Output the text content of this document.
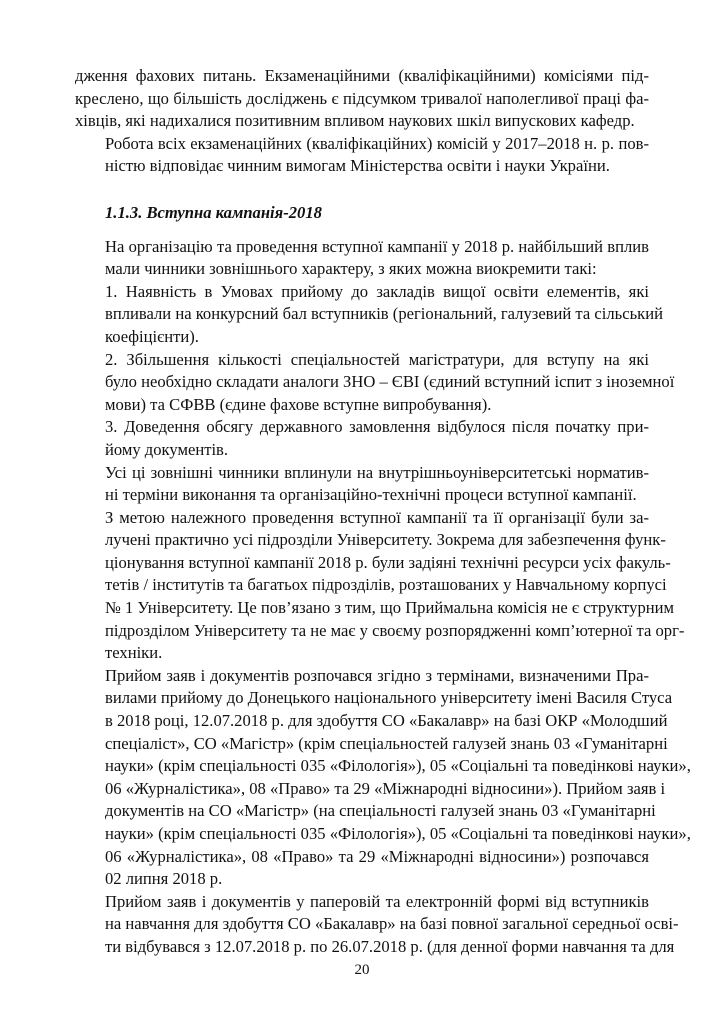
дження фахових питань. Екзаменаційними (кваліфікаційними) комісіями під-
креслено, що більшість досліджень є підсумком тривалої наполегливої праці фа-
хівців, які надихалися позитивним впливом наукових шкіл випускових кафедр.

Робота всіх екзаменаційних (кваліфікаційних) комісій у 2017–2018 н. р. пов-
ністю відповідає чинним вимогам Міністерства освіти і науки України.

1.1.3. Вступна кампанія-2018

На організацію та проведення вступної кампанії у 2018 р. найбільший вплив
мали чинники зовнішнього характеру, з яких можна виокремити такі:

1. Наявність в Умовах прийому до закладів вищої освіти елементів, які
впливали на конкурсний бал вступників (регіональний, галузевий та сільський
коефіцієнти).

2. Збільшення кількості спеціальностей магістратури, для вступу на які
було необхідно складати аналоги ЗНО – ЄВІ (єдиний вступний іспит з іноземної
мови) та СФВВ (єдине фахове вступне випробування).

3. Доведення обсягу державного замовлення відбулося після початку при-
йому документів.

Усі ці зовнішні чинники вплинули на внутрішньоуніверситетські норматив-
ні терміни виконання та організаційно-технічні процеси вступної кампанії.

З метою належного проведення вступної кампанії та її організації були за-
лучені практично усі підрозділи Університету. Зокрема для забезпечення функ-
ціонування вступної кампанії 2018 р. були задіяні технічні ресурси усіх факуль-
тетів / інститутів та багатьох підрозділів, розташованих у Навчальному корпусі
№ 1 Університету. Це пов’язано з тим, що Приймальна комісія не є структурним
підрозділом Університету та не має у своєму розпорядженні комп’ютерної та орг-
техніки.

Прийом заяв і документів розпочався згідно з термінами, визначеними Пра-
вилами прийому до Донецького національного університету імені Василя Стуса
в 2018 році, 12.07.2018 р. для здобуття СО «Бакалавр» на базі ОКР «Молодший
спеціаліст», СО «Магістр» (крім спеціальностей галузей знань 03 «Гуманітарні
науки» (крім спеціальності 035 «Філологія»), 05 «Соціальні та поведінкові науки»,
06 «Журналістика», 08 «Право» та 29 «Міжнародні відносини»). Прийом заяв і
документів на СО «Магістр» (на спеціальності галузей знань 03 «Гуманітарні
науки» (крім спеціальності 035 «Філологія»), 05 «Соціальні та поведінкові науки»,
06 «Журналістика», 08 «Право» та 29 «Міжнародні відносини») розпочався
02 липня 2018 р.

Прийом заяв і документів у паперовій та електронній формі від вступників
на навчання для здобуття СО «Бакалавр» на базі повної загальної середньої осві-
ти відбувався з 12.07.2018 р. по 26.07.2018 р. (для денної форми навчання та для

20
